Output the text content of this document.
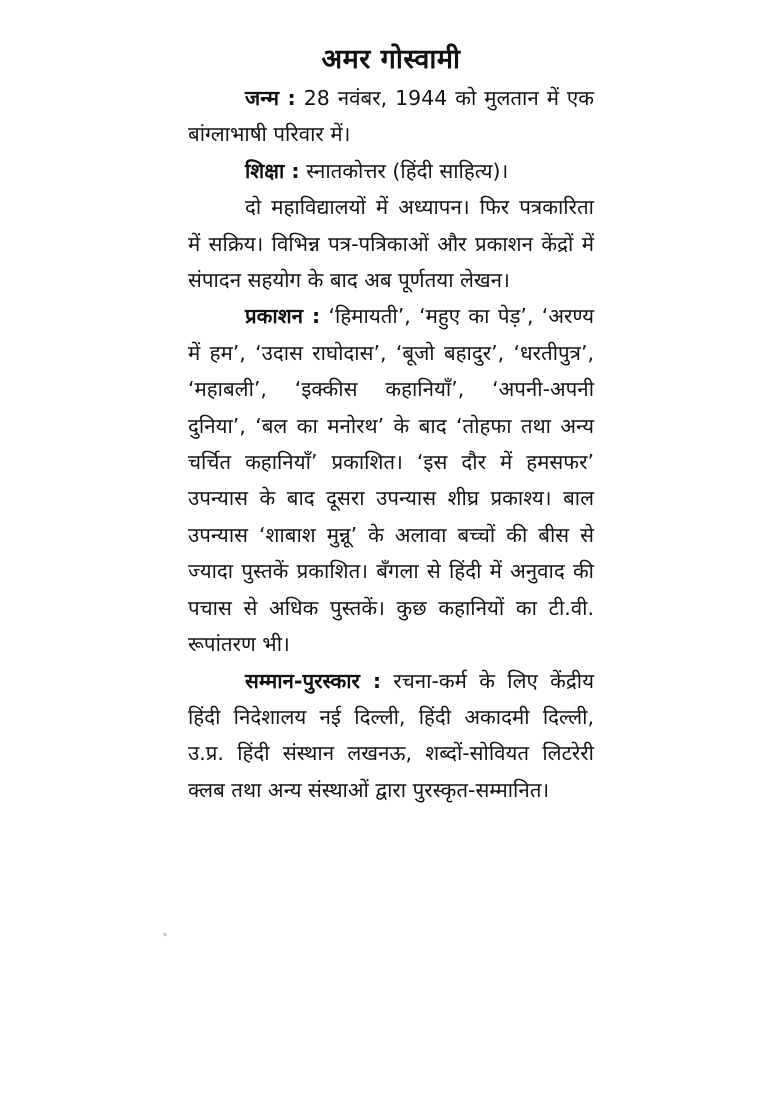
अमर गोस्वामी

जन्म : 28 नवंबर, 1944 को मुलतान में एक बांग्लाभाषी परिवार में।

शिक्षा : स्नातकोत्तर (हिंदी साहित्य)।

दो महाविद्यालयों में अध्यापन। फिर पत्रकारिता में सक्रिय। विभिन्न पत्र-पत्रिकाओं और प्रकाशन केंद्रों में संपादन सहयोग के बाद अब पूर्णतया लेखन।

प्रकाशन : ‘हिमायती’, ‘महुए का पेड़’, ‘अरण्य में हम’, ‘उदास राघोदास’, ‘बूजो बहादुर’, ‘धरतीपुत्र’, ‘महाबली’, ‘इक्कीस कहानियाँ’, ‘अपनी-अपनी दुनिया’, ‘बल का मनोरथ’ के बाद ‘तोहफा तथा अन्य चर्चित कहानियाँ’ प्रकाशित। ‘इस दौर में हमसफर’ उपन्यास के बाद दूसरा उपन्यास शीघ्र प्रकाश्य। बाल उपन्यास ‘शाबाश मुन्नू’ के अलावा बच्चों की बीस से ज्यादा पुस्तकें प्रकाशित। बँगला से हिंदी में अनुवाद की पचास से अधिक पुस्तकें। कुछ कहानियों का टी.वी. रूपांतरण भी।

सम्मान-पुरस्कार : रचना-कर्म के लिए केंद्रीय हिंदी निदेशालय नई दिल्ली, हिंदी अकादमी दिल्ली, उ.प्र. हिंदी संस्थान लखनऊ, शब्दों-सोवियत लिटरेरी क्लब तथा अन्य संस्थाओं द्वारा पुरस्कृत-सम्मानित।
